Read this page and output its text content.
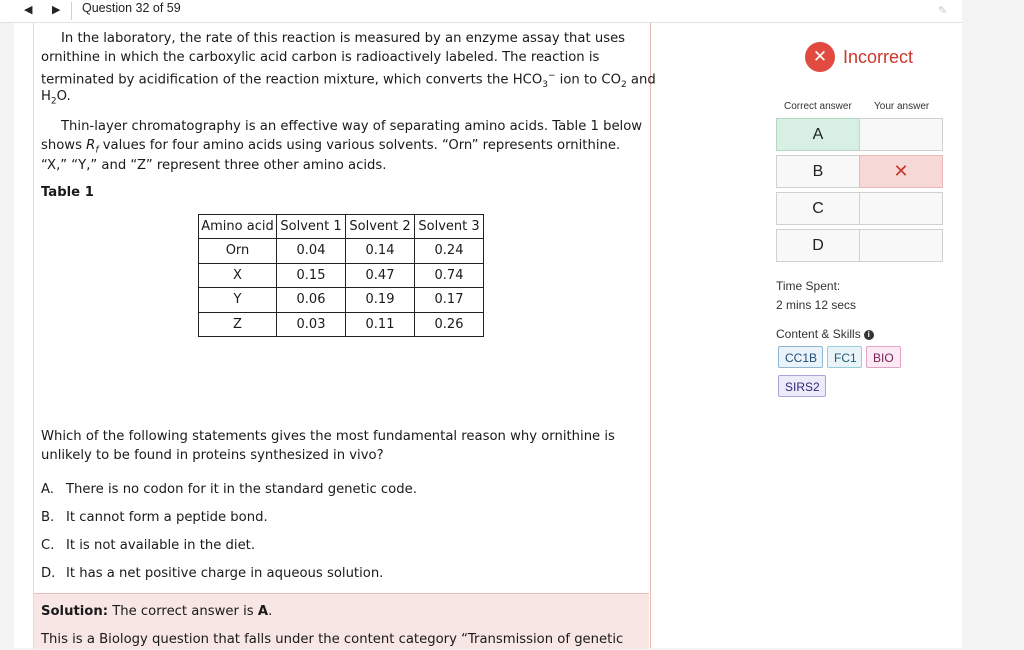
◀ ▶ Question 32 of 59	✎
In the laboratory, the rate of this reaction is measured by an enzyme assay that uses
ornithine in which the carboxylic acid carbon is radioactively labeled. The reaction is
terminated by acidification of the reaction mixture, which converts the $HCO_3^-$ ion to $CO_2$ and
$H_2O$.
Thin-layer chromatography is an effective way of separating amino acids. Table 1 below
shows $R_f$ values for four amino acids using various solvents. “Orn” represents ornithine.
“X,” “Y,” and “Z” represent three other amino acids.
Table 1
Amino acid	Solvent 1	Solvent 2	Solvent 3
Orn	0.04	0.14	0.24
X	0.15	0.47	0.74
Y	0.06	0.19	0.17
Z	0.03	0.11	0.26
Which of the following statements gives the most fundamental reason why ornithine is
unlikely to be found in proteins synthesized in vivo?
A. There is no codon for it in the standard genetic code.
B. It cannot form a peptide bond.
C. It is not available in the diet.
D. It has a net positive charge in aqueous solution.
Solution: The correct answer is A.
This is a Biology question that falls under the content category “Transmission of genetic
✕ Incorrect
Correct answer Your answer
A
B	✕
C
D
Time Spent:
2 mins 12 secs
Content & Skills i
CC1B	FC1	BIO
SIRS2
